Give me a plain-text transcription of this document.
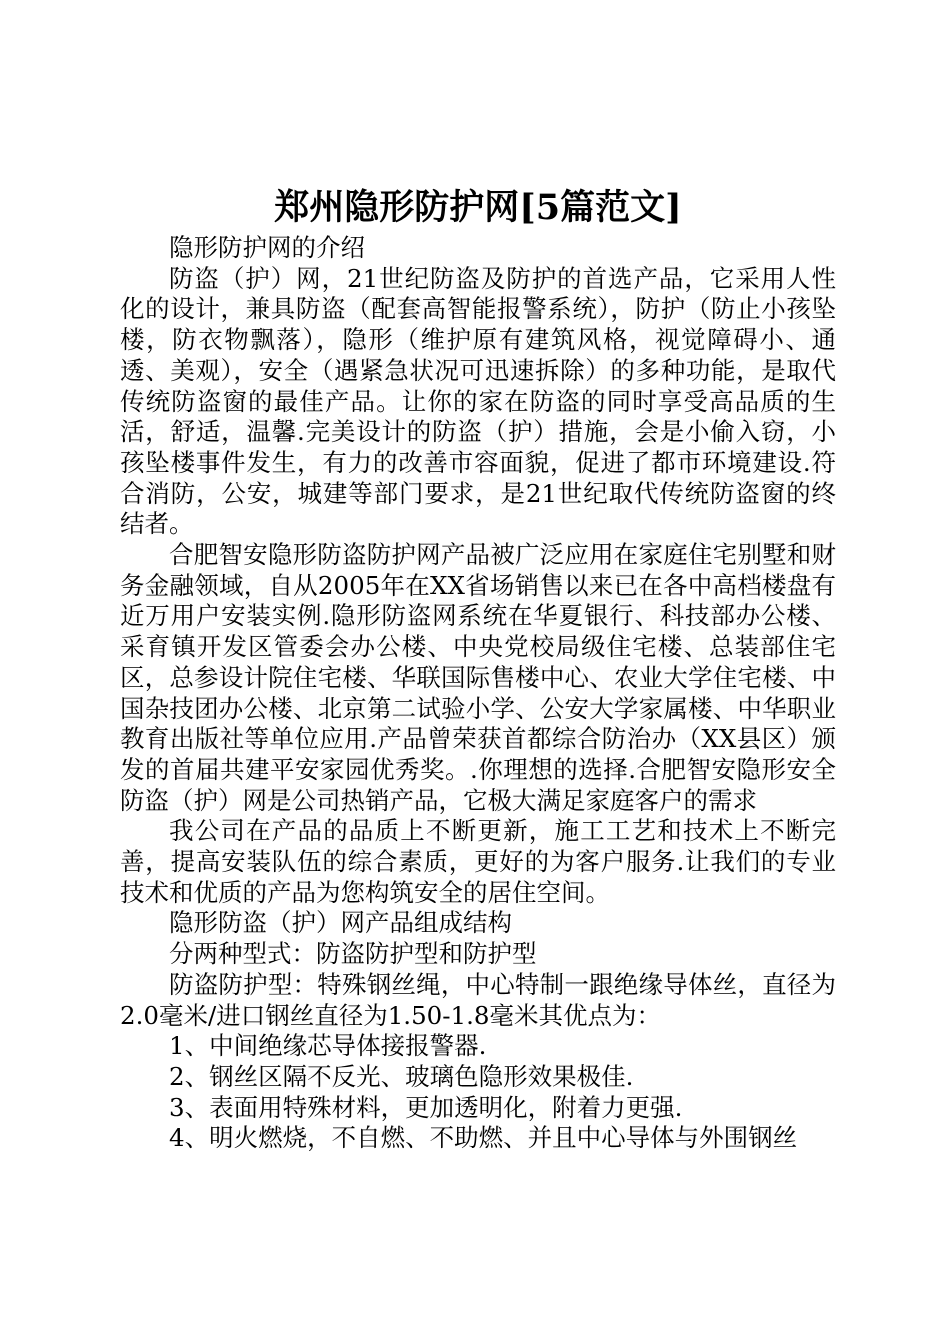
郑州隐形防护网[5篇范文]

隐形防护网的介绍

防盗（护）网，21世纪防盗及防护的首选产品，它采用人性化的设计，兼具防盗（配套高智能报警系统），防护（防止小孩坠楼，防衣物飘落），隐形（维护原有建筑风格，视觉障碍小、通透、美观），安全（遇紧急状况可迅速拆除）的多种功能，是取代传统防盗窗的最佳产品。让你的家在防盗的同时享受高品质的生活，舒适，温馨.完美设计的防盗（护）措施，会是小偷入窃，小孩坠楼事件发生，有力的改善市容面貌，促进了都市环境建设.符合消防，公安，城建等部门要求，是21世纪取代传统防盗窗的终结者。

合肥智安隐形防盗防护网产品被广泛应用在家庭住宅别墅和财务金融领域，自从2005年在XX省场销售以来已在各中高档楼盘有近万用户安装实例.隐形防盗网系统在华夏银行、科技部办公楼、采育镇开发区管委会办公楼、中央党校局级住宅楼、总装部住宅区，总参设计院住宅楼、华联国际售楼中心、农业大学住宅楼、中国杂技团办公楼、北京第二试验小学、公安大学家属楼、中华职业教育出版社等单位应用.产品曾荣获首都综合防治办（XX县区）颁发的首届共建平安家园优秀奖。.你理想的选择.合肥智安隐形安全防盗（护）网是公司热销产品，它极大满足家庭客户的需求

我公司在产品的品质上不断更新，施工工艺和技术上不断完善，提高安装队伍的综合素质，更好的为客户服务.让我们的专业技术和优质的产品为您构筑安全的居住空间。

隐形防盗（护）网产品组成结构

分两种型式：防盗防护型和防护型

防盗防护型：特殊钢丝绳，中心特制一跟绝缘导体丝，直径为2.0毫米/进口钢丝直径为1.50-1.8毫米其优点为：

1、中间绝缘芯导体接报警器.

2、钢丝区隔不反光、玻璃色隐形效果极佳.

3、表面用特殊材料，更加透明化，附着力更强.

4、明火燃烧，不自燃、不助燃、并且中心导体与外围钢丝
